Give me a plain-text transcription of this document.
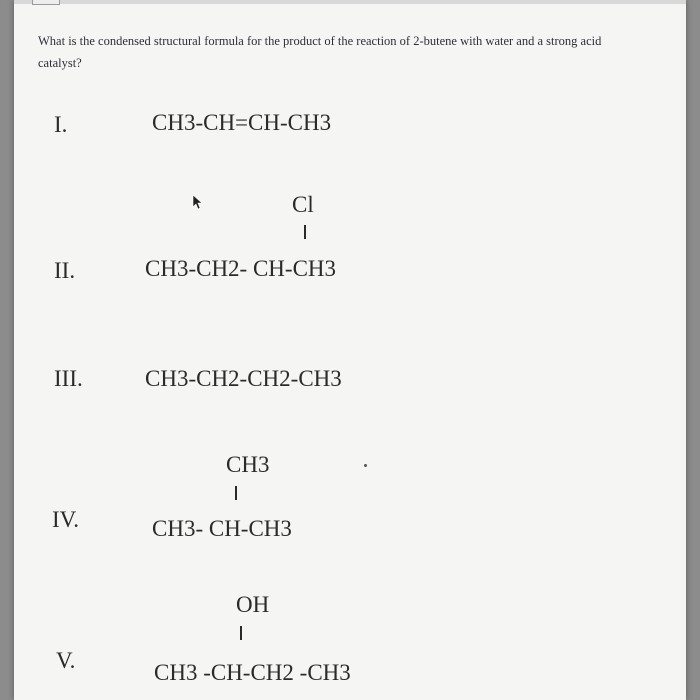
What is the condensed structural formula for the product of the reaction of 2-butene with water and a strong acid catalyst?
I.	CH3-CH=CH-CH3
Cl
II.	CH3-CH2- CH-CH3
III.	CH3-CH2-CH2-CH3
CH3
IV.	CH3- CH-CH3
OH
V.	CH3 -CH-CH2 -CH3
